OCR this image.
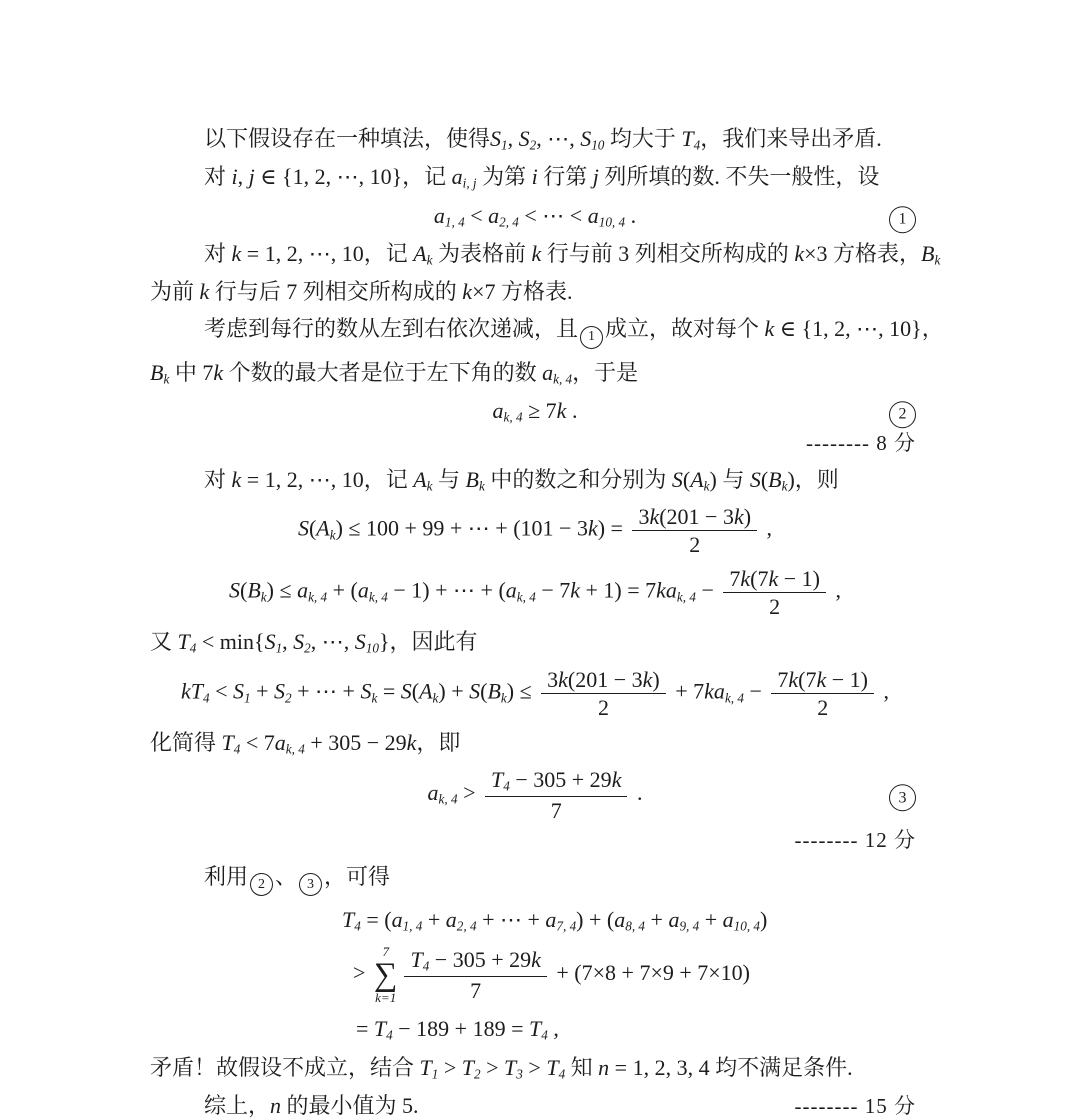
以下假设存在一种填法，使得S1, S2, ⋯, S10 均大于 T4，我们来导出矛盾.
对 i, j ∈ {1, 2, ⋯, 10}，记 ai, j 为第 i 行第 j 列所填的数. 不失一般性，设
a1, 4 < a2, 4 < ⋯ < a10, 4 .	1
对 k = 1, 2, ⋯, 10，记 Ak 为表格前 k 行与前 3 列相交所构成的 k×3 方格表，Bk
为前 k 行与后 7 列相交所构成的 k×7 方格表.
考虑到每行的数从左到右依次递减，且 1 成立，故对每个 k ∈ {1, 2, ⋯, 10}，
Bk 中 7k 个数的最大者是位于左下角的数 ak, 4，于是
ak, 4 ≥ 7k .	2
-------- 8 分
对 k = 1, 2, ⋯, 10，记 Ak 与 Bk 中的数之和分别为 S(Ak) 与 S(Bk)，则
S(Ak) ≤ 100 + 99 + ⋯ + $(101 - 3k) = \frac{3k(201 - 3k)}{2}$ ,
S(Bk) ≤ ak, 4 + (ak, 4 − 1) + ⋯ + (ak, 4 − 7k + 1) = 7kak, $4 - \frac{7k(7k - 1)}{2}$ ,
又 T4 < min{S1, S2, ⋯, S10}，因此有
kT4 < S1 + S2 + ⋯ + $Sk = S(Ak) + S(Bk) \le \frac{3k(201 - 3k)}{2} + 7kak$, $4 - \frac{7k(7k - 1)}{2}$ ,
化简得 T4 < 7ak, 4 + 305 − 29k，即
ak, $4 > \frac{T4 - 305 + 29k}{7}$ .	3
-------- 12 分
利用 2 、 3 ，可得
T4 = (a1, 4 + a2, 4 + ⋯ + a7, 4) + (a8, 4 + a9, 4 + a10, 4)
>
7
∑
$k=1 \frac{T4 - 305 + 29k}{7} + (7\times 8 + 7\times 9 + 7\times 10)$
= T4 − 189 + 189 = T4 ,
矛盾！故假设不成立，结合 T1 > T2 > T3 > T4 知 n = 1, 2, 3, 4 均不满足条件.
综上，n 的最小值为 5.	-------- 15 分
